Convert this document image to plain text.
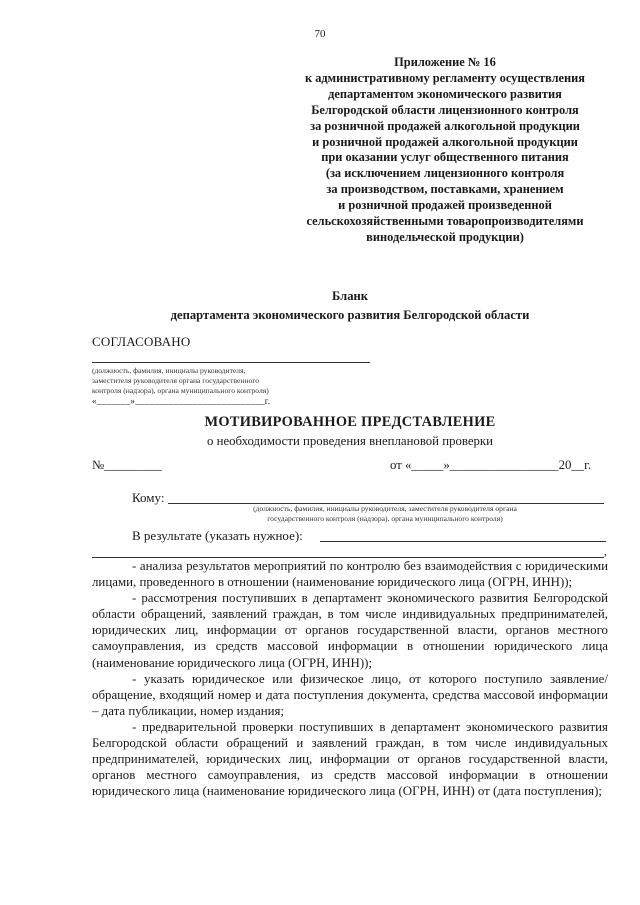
70
Приложение № 16
к административному регламенту осуществления
департаментом экономического развития
Белгородской области лицензионного контроля
за розничной продажей алкогольной продукции
и розничной продажей алкогольной продукции
при оказании услуг общественного питания
(за исключением лицензионного контроля
за производством, поставками, хранением
и розничной продажей произведенной
сельскохозяйственными товаропроизводителями
винодельческой продукции)
Бланк
департамента экономического развития Белгородской области
СОГЛАСОВАНО
(должность, фамилия, инициалы руководителя,
заместителя руководителя органа государственного
контроля (надзора), органа муниципального контроля)
«_______»___________________________г.
МОТИВИРОВАННОЕ ПРЕДСТАВЛЕНИЕ
о необходимости проведения внеплановой проверки
№_________	от «_____»_________________20__г.
Кому:
(должность, фамилия, инициалы руководителя, заместителя руководителя органа
государственного контроля (надзора), органа муниципального контроля)
В результате (указать нужное):
,

- анализа результатов мероприятий по контролю без взаимодействия с юридическими лицами, проведенного в отношении (наименование юридического лица (ОГРН, ИНН));

- рассмотрения поступивших в департамент экономического развития Белгородской области обращений, заявлений граждан, в том числе индивидуальных предпринимателей, юридических лиц, информации от органов государственной власти, органов местного самоуправления, из средств массовой информации в отношении юридического лица (наименование юридического лица (ОГРН, ИНН));

- указать юридическое или физическое лицо, от которого поступило заявление/обращение, входящий номер и дата поступления документа, средства массовой информации – дата публикации, номер издания;

- предварительной проверки поступивших в департамент экономического развития Белгородской области обращений и заявлений граждан, в том числе индивидуальных предпринимателей, юридических лиц, информации от органов государственной власти, органов местного самоуправления, из средств массовой информации в отношении юридического лица (наименование юридического лица (ОГРН, ИНН) от (дата поступления);
